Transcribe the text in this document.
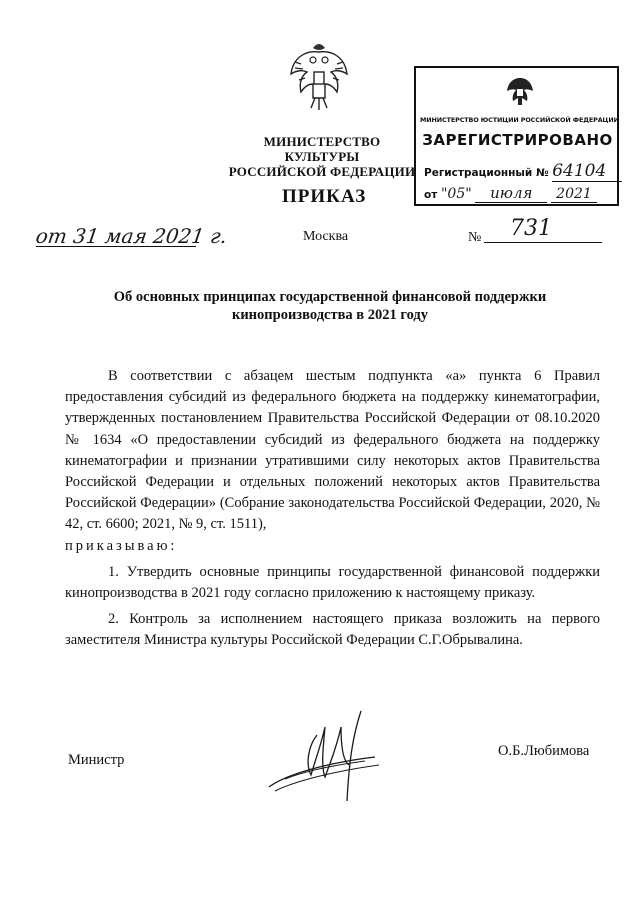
МИНИСТЕРСТВО КУЛЬТУРЫ
РОССИЙСКОЙ ФЕДЕРАЦИИ
МИНИСТЕРСТВО ЮСТИЦИИ РОССИЙСКОЙ ФЕДЕРАЦИИ
ЗАРЕГИСТРИРОВАНО
Регистрационный № 64104
от "05" июля 2021
ПРИКАЗ
от 31 мая 2021 г.	Москва	№ 731
Об основных принципах государственной финансовой поддержки
кинопроизводства в 2021 году

В соответствии с абзацем шестым подпункта «а» пункта 6 Правил предоставления субсидий из федерального бюджета на поддержку кинематографии, утвержденных постановлением Правительства Российской Федерации от 08.10.2020 № 1634 «О предоставлении субсидий из федерального бюджета на поддержку кинематографии и признании утратившими силу некоторых актов Правительства Российской Федерации и отдельных положений некоторых актов Правительства Российской Федерации» (Собрание законодательства Российской Федерации, 2020, № 42, ст. 6600; 2021, № 9, ст. 1511),

приказываю:

1. Утвердить основные принципы государственной финансовой поддержки кинопроизводства в 2021 году согласно приложению к настоящему приказу.

2. Контроль за исполнением настоящего приказа возложить на первого заместителя Министра культуры Российской Федерации С.Г.Обрывалина.

Министр
О.Б.Любимова
